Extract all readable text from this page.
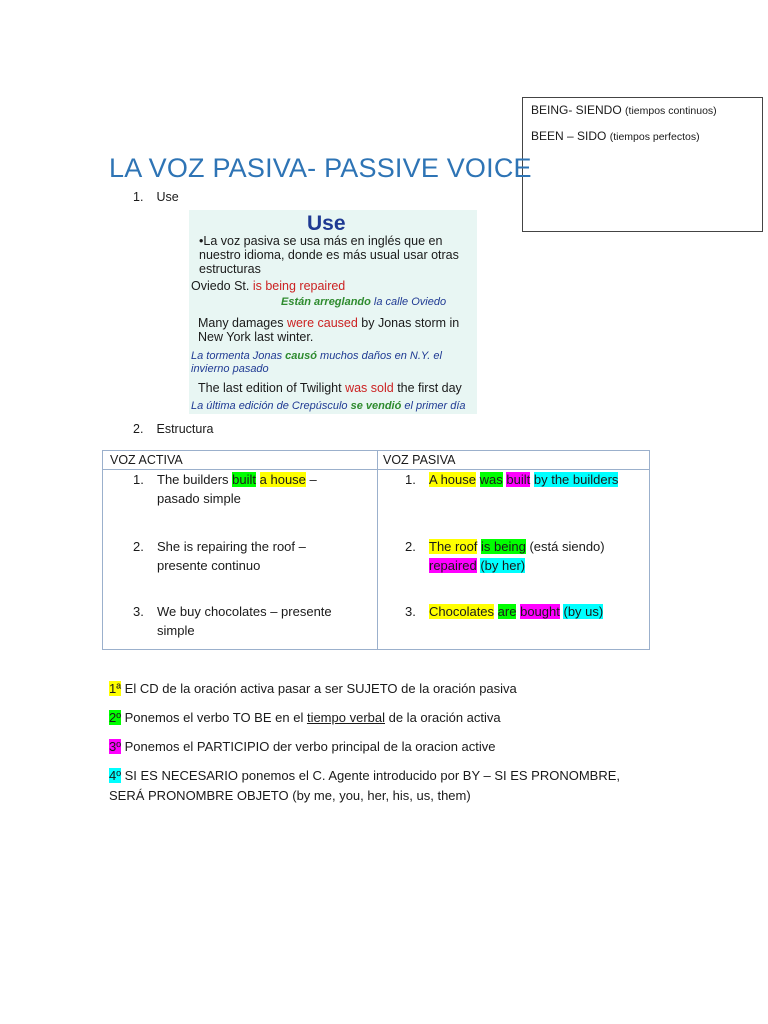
BEING- SIENDO (tiempos continuos)
BEEN – SIDO (tiempos perfectos)
LA VOZ PASIVA- PASSIVE VOICE
1. Use
Use
•La voz pasiva se usa más en inglés que en
nuestro idioma, donde es más usual usar otras
estructuras
Oviedo St. is being repaired
Están arreglando la calle Oviedo
Many damages were caused by Jonas storm in
New York last winter.
La tormenta Jonas causó muchos daños en N.Y. el
invierno pasado
The last edition of Twilight was sold the first day
La última edición de Crepúsculo se vendió el primer día
2. Estructura
VOZ ACTIVA	VOZ PASIVA
1. The builders built a house –
pasado simple
2. She is repairing the roof –
presente continuo
3. We buy chocolates – presente
simple
1. A house was built by the builders
2. The roof is being (está siendo)
repaired (by her)
3. Chocolates are bought (by us)
1ª El CD de la oración activa pasar a ser SUJETO de la oración pasiva
2º Ponemos el verbo TO BE en el tiempo verbal de la oración activa
3º Ponemos el PARTICIPIO der verbo principal de la oracion active
4º SI ES NECESARIO ponemos el C. Agente introducido por BY – SI ES PRONOMBRE,
SERÁ PRONOMBRE OBJETO (by me, you, her, his, us, them)
